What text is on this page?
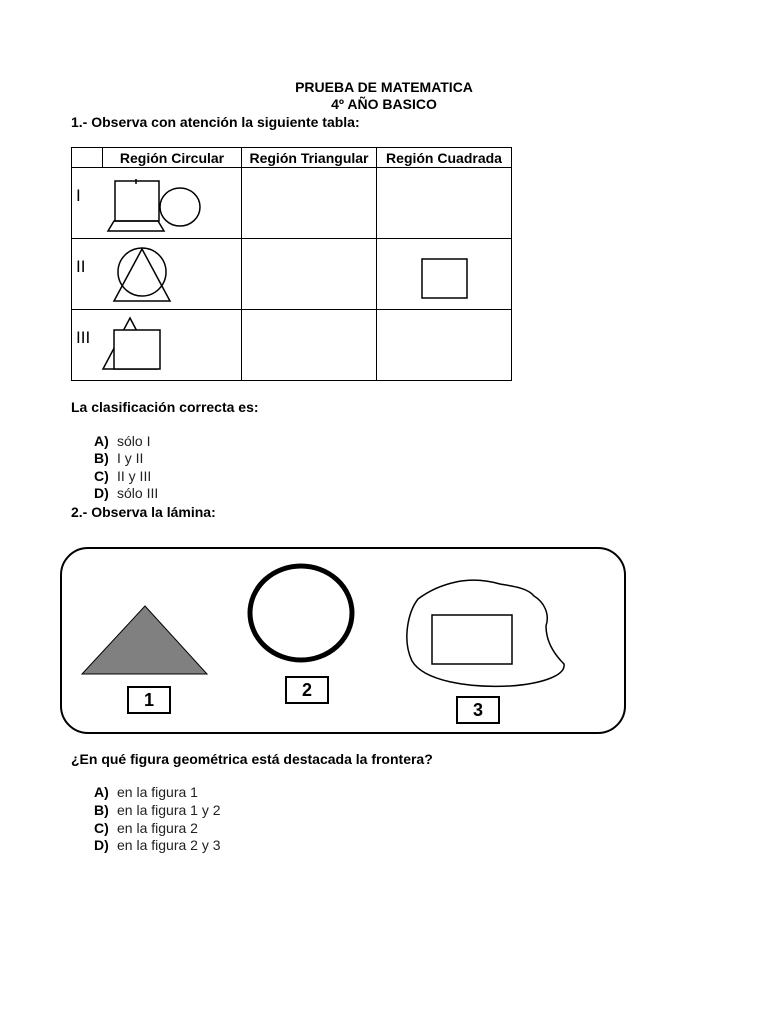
PRUEBA DE MATEMATICA
4º AÑO BASICO
1.- Observa con atención la siguiente tabla:
	Región Circular	Región Triangular	Región Cuadrada

I			

II

III			

La clasificación correcta es:
A) sólo I
B) I y II
C) II y III
D) sólo III
2.- Observa la lámina:
1	2
3
¿En qué figura geométrica está destacada la frontera?
A) en la figura 1
B) en la figura 1 y 2
C) en la figura 2
D) en la figura 2 y 3
